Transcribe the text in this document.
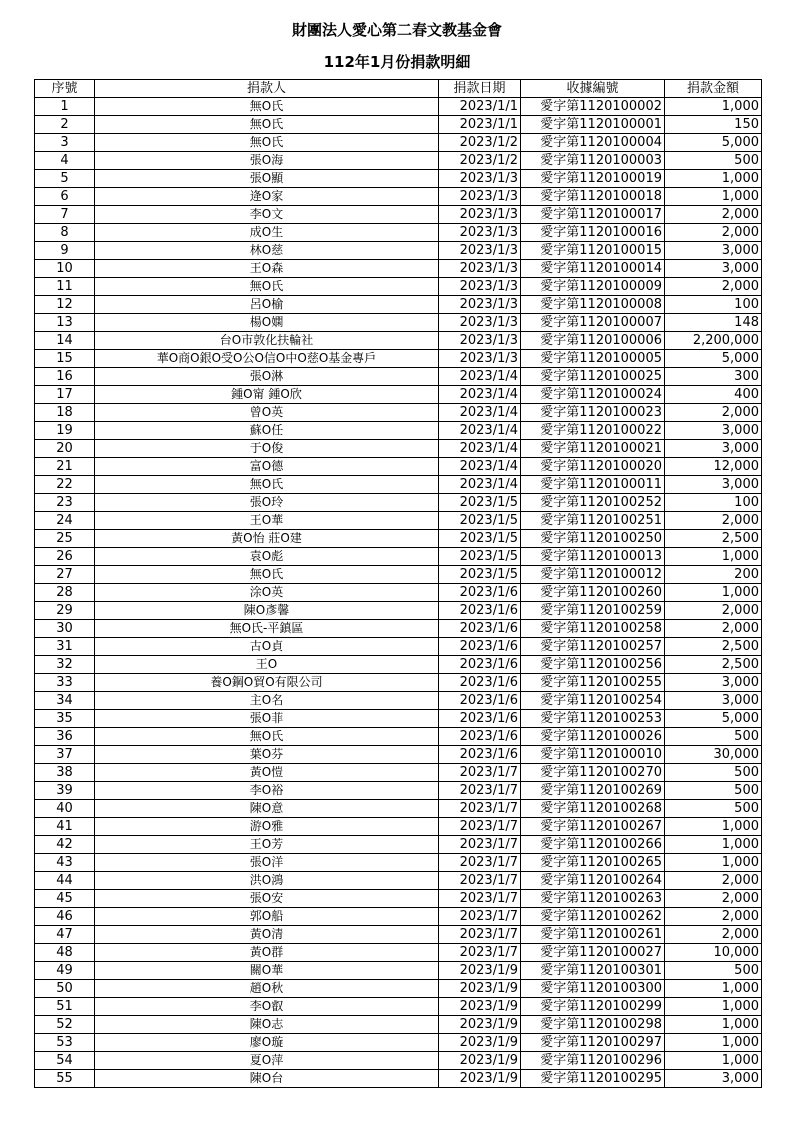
財團法人愛心第二春文教基金會
112年1月份捐款明細
序號	捐款人	捐款日期	收據編號	捐款金額
1	無O氏	2023/1/1	愛字第1120100002	1,000
2	無O氏	2023/1/1	愛字第1120100001	150
3	無O氏	2023/1/2	愛字第1120100004	5,000
4	張O海	2023/1/2	愛字第1120100003	500
5	張O顯	2023/1/3	愛字第1120100019	1,000
6	逄O家	2023/1/3	愛字第1120100018	1,000
7	李O文	2023/1/3	愛字第1120100017	2,000
8	成O生	2023/1/3	愛字第1120100016	2,000
9	林O慈	2023/1/3	愛字第1120100015	3,000
10	王O森	2023/1/3	愛字第1120100014	3,000
11	無O氏	2023/1/3	愛字第1120100009	2,000
12	呂O榆	2023/1/3	愛字第1120100008	100
13	楊O嫻	2023/1/3	愛字第1120100007	148
14	台O市敦化扶輪社	2023/1/3	愛字第1120100006	2,200,000
15	華O商O銀O受O公O信O中O慈O基金專戶	2023/1/3	愛字第1120100005	5,000
16	張O淋	2023/1/4	愛字第1120100025	300
17	鍾O甯 鍾O欣	2023/1/4	愛字第1120100024	400
18	曾O英	2023/1/4	愛字第1120100023	2,000
19	蘇O任	2023/1/4	愛字第1120100022	3,000
20	于O俊	2023/1/4	愛字第1120100021	3,000
21	富O德	2023/1/4	愛字第1120100020	12,000
22	無O氏	2023/1/4	愛字第1120100011	3,000
23	張O玲	2023/1/5	愛字第1120100252	100
24	王O華	2023/1/5	愛字第1120100251	2,000
25	黃O怡 莊O建	2023/1/5	愛字第1120100250	2,500
26	袁O彪	2023/1/5	愛字第1120100013	1,000
27	無O氏	2023/1/5	愛字第1120100012	200
28	涂O英	2023/1/6	愛字第1120100260	1,000
29	陳O彥馨	2023/1/6	愛字第1120100259	2,000
30	無O氏-平鎮區	2023/1/6	愛字第1120100258	2,000
31	古O貞	2023/1/6	愛字第1120100257	2,500
32	王O	2023/1/6	愛字第1120100256	2,500
33	養O鋼O貿O有限公司	2023/1/6	愛字第1120100255	3,000
34	主O名	2023/1/6	愛字第1120100254	3,000
35	張O菲	2023/1/6	愛字第1120100253	5,000
36	無O氏	2023/1/6	愛字第1120100026	500
37	葉O芬	2023/1/6	愛字第1120100010	30,000
38	黃O愷	2023/1/7	愛字第1120100270	500
39	李O裕	2023/1/7	愛字第1120100269	500
40	陳O意	2023/1/7	愛字第1120100268	500
41	游O雅	2023/1/7	愛字第1120100267	1,000
42	王O芳	2023/1/7	愛字第1120100266	1,000
43	張O洋	2023/1/7	愛字第1120100265	1,000
44	洪O鴻	2023/1/7	愛字第1120100264	2,000
45	張O安	2023/1/7	愛字第1120100263	2,000
46	郭O船	2023/1/7	愛字第1120100262	2,000
47	黃O清	2023/1/7	愛字第1120100261	2,000
48	黃O群	2023/1/7	愛字第1120100027	10,000
49	關O華	2023/1/9	愛字第1120100301	500
50	趙O秋	2023/1/9	愛字第1120100300	1,000
51	李O叡	2023/1/9	愛字第1120100299	1,000
52	陳O志	2023/1/9	愛字第1120100298	1,000
53	廖O璇	2023/1/9	愛字第1120100297	1,000
54	夏O萍	2023/1/9	愛字第1120100296	1,000
55	陳O台	2023/1/9	愛字第1120100295	3,000
